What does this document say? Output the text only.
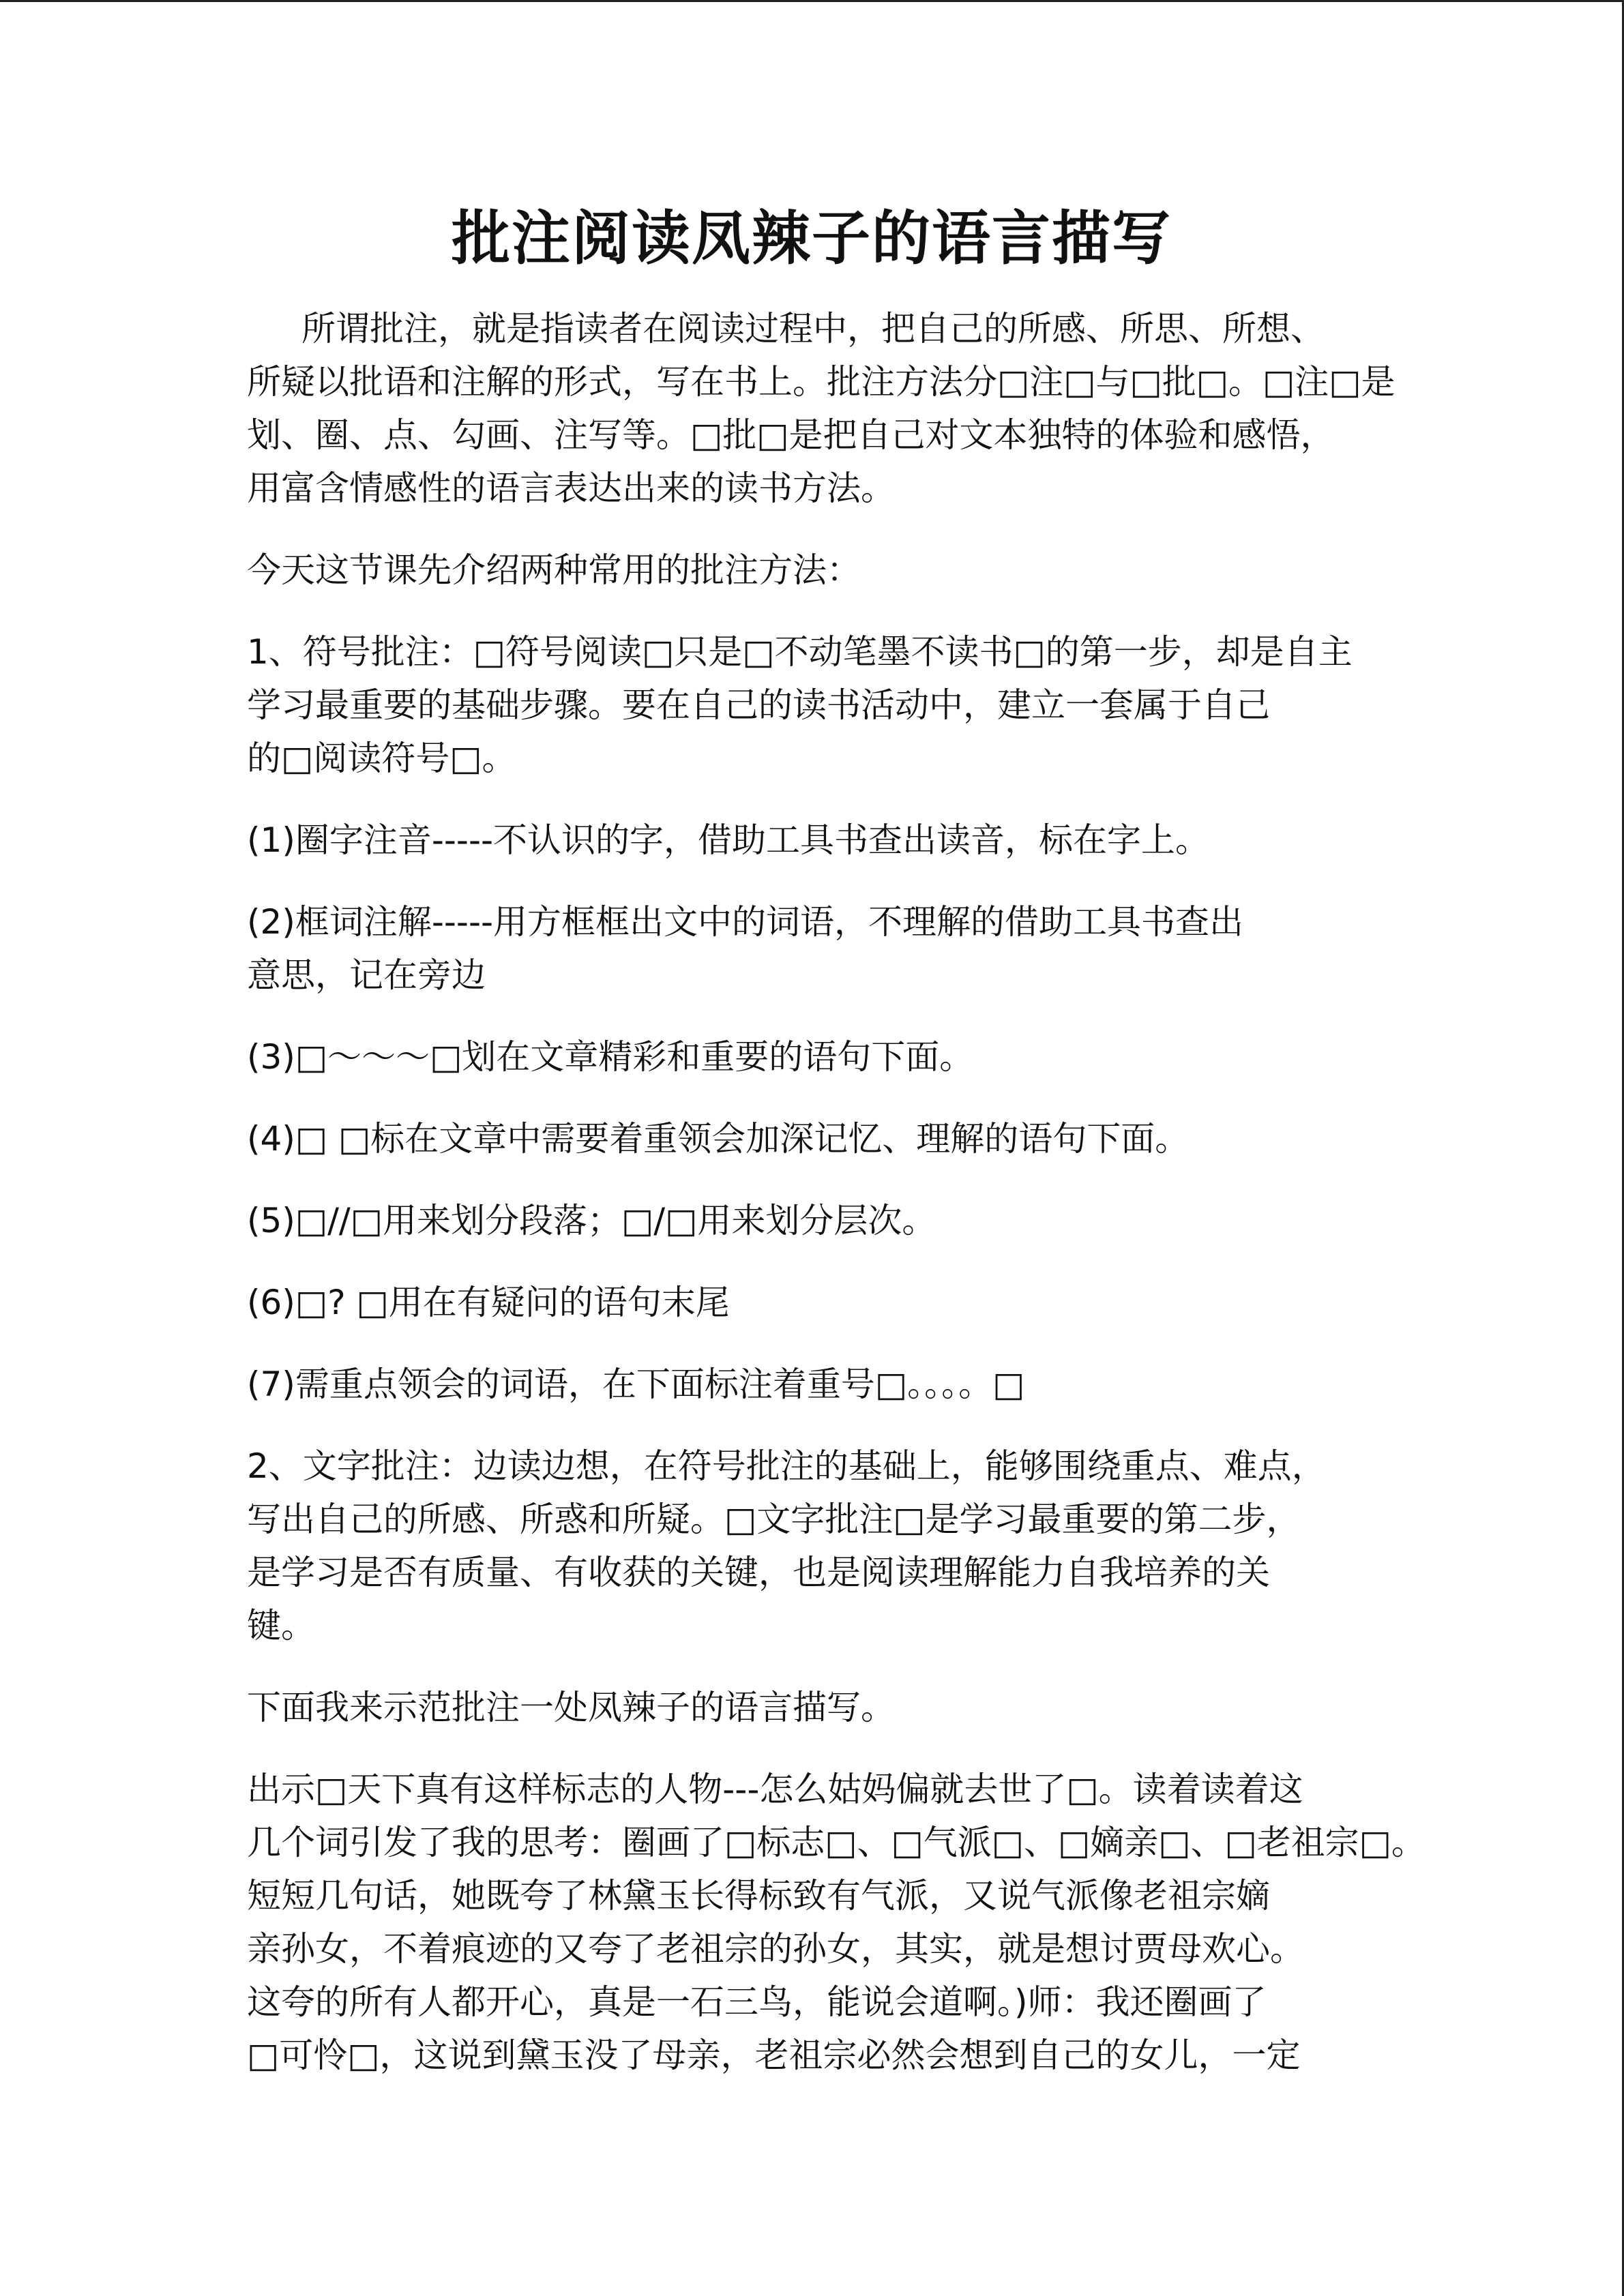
批注阅读凤辣子的语言描写

所谓批注，就是指读者在阅读过程中，把自己的所感、所思、所想、
所疑以批语和注解的形式，写在书上。批注方法分□注□与□批□。□注□是
划、圈、点、勾画、注写等。□批□是把自己对文本独特的体验和感悟，
用富含情感性的语言表达出来的读书方法。

今天这节课先介绍两种常用的批注方法：

1、符号批注：□符号阅读□只是□不动笔墨不读书□的第一步，却是自主
学习最重要的基础步骤。要在自己的读书活动中，建立一套属于自己
的□阅读符号□。

(1)圈字注音-----不认识的字，借助工具书查出读音，标在字上。

(2)框词注解-----用方框框出文中的词语，不理解的借助工具书查出
意思，记在旁边

(3)□～～～□划在文章精彩和重要的语句下面。

(4)□ □标在文章中需要着重领会加深记忆、理解的语句下面。

(5)□//□用来划分段落；□/□用来划分层次。

(6)□? □用在有疑问的语句末尾

(7)需重点领会的词语，在下面标注着重号□。。。。□

2、文字批注：边读边想，在符号批注的基础上，能够围绕重点、难点，
写出自己的所感、所惑和所疑。□文字批注□是学习最重要的第二步，
是学习是否有质量、有收获的关键，也是阅读理解能力自我培养的关
键。

下面我来示范批注一处凤辣子的语言描写。

出示□天下真有这样标志的人物---怎么姑妈偏就去世了□。读着读着这
几个词引发了我的思考：圈画了□标志□、□气派□、□嫡亲□、□老祖宗□。
短短几句话，她既夸了林黛玉长得标致有气派，又说气派像老祖宗嫡
亲孙女，不着痕迹的又夸了老祖宗的孙女，其实，就是想讨贾母欢心。
这夸的所有人都开心，真是一石三鸟，能说会道啊。)师：我还圈画了
□可怜□，这说到黛玉没了母亲，老祖宗必然会想到自己的女儿，一定
